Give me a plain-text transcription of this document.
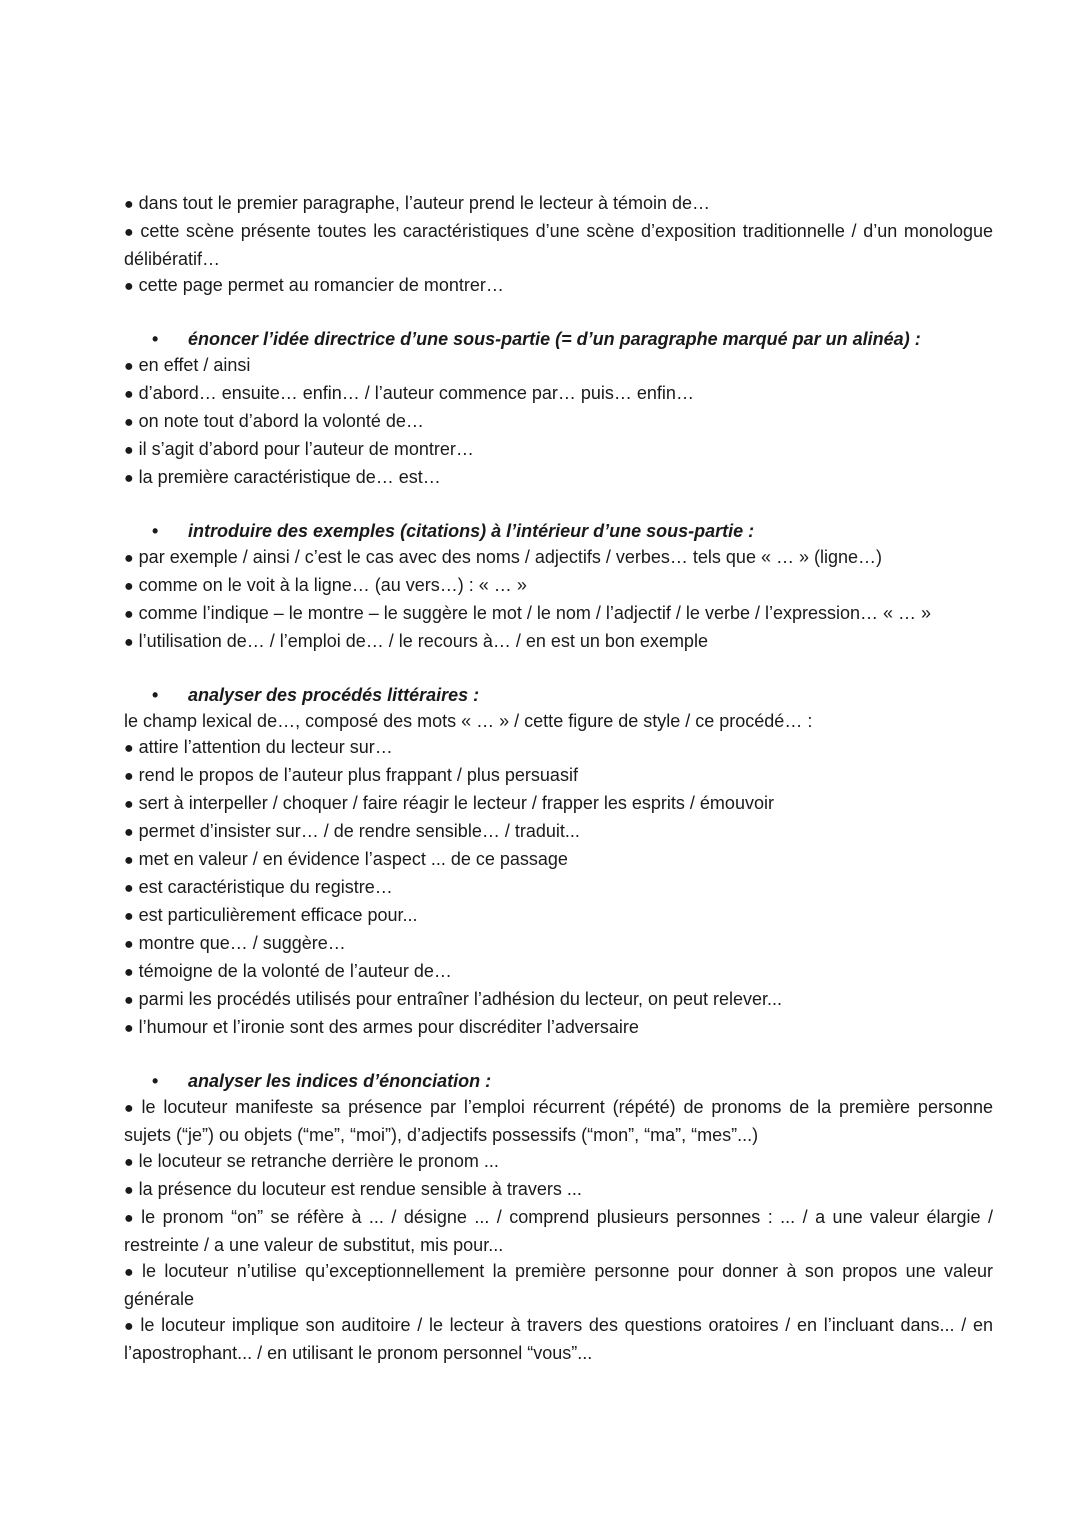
● dans tout le premier paragraphe, l’auteur prend le lecteur à témoin de…
● cette scène présente toutes les caractéristiques d’une scène d’exposition traditionnelle / d’un monologue délibératif…
● cette page permet au romancier de montrer…
• énoncer l’idée directrice d’une sous-partie (= d’un paragraphe marqué par un alinéa) :
● en effet / ainsi
● d’abord… ensuite… enfin… / l’auteur commence par… puis… enfin…
● on note tout d’abord la volonté de…
● il s’agit d’abord pour l’auteur de montrer…
● la première caractéristique de… est…
• introduire des exemples (citations) à l’intérieur d’une sous-partie :
● par exemple / ainsi / c’est le cas avec des noms / adjectifs / verbes… tels que « … » (ligne…)
● comme on le voit à la ligne… (au vers…) : « … »
● comme l’indique – le montre – le suggère le mot / le nom / l’adjectif / le verbe / l’expression… « … »
● l’utilisation de… / l’emploi de… / le recours à… / en est un bon exemple
• analyser des procédés littéraires :
le champ lexical de…, composé des mots « … » / cette figure de style / ce procédé… :
● attire l’attention du lecteur sur…
● rend le propos de l’auteur plus frappant / plus persuasif
● sert à interpeller / choquer / faire réagir le lecteur / frapper les esprits / émouvoir
● permet d’insister sur… / de rendre sensible… / traduit...
● met en valeur / en évidence l’aspect ... de ce passage
● est caractéristique du registre…
● est particulièrement efficace pour...
● montre que… / suggère…
● témoigne de la volonté de l’auteur de…
● parmi les procédés utilisés pour entraîner l’adhésion du lecteur, on peut relever...
● l’humour et l’ironie sont des armes pour discréditer l’adversaire
• analyser les indices d’énonciation :
● le locuteur manifeste sa présence par l’emploi récurrent (répété) de pronoms de la première personne sujets (“je”) ou objets (“me”, “moi”), d’adjectifs possessifs (“mon”, “ma”, “mes”...)
● le locuteur se retranche derrière le pronom ...
● la présence du locuteur est rendue sensible à travers ...
● le pronom “on” se réfère à ... / désigne ... / comprend plusieurs personnes : ... / a une valeur élargie / restreinte / a une valeur de substitut, mis pour...
● le locuteur n’utilise qu’exceptionnellement la première personne pour donner à son propos une valeur générale
● le locuteur implique son auditoire / le lecteur à travers des questions oratoires / en l’incluant dans... / en l’apostrophant... / en utilisant le pronom personnel “vous”...
